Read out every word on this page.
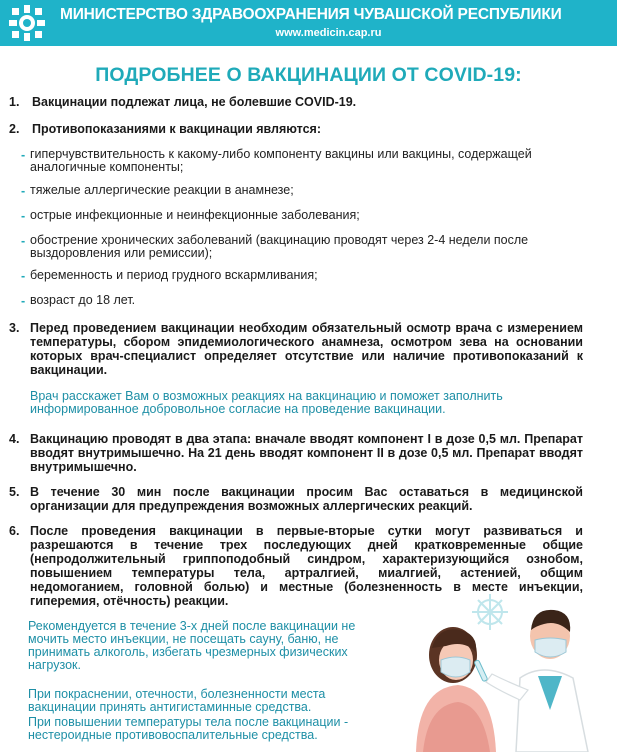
МИНИСТЕРСТВО ЗДРАВООХРАНЕНИЯ ЧУВАШСКОЙ РЕСПУБЛИКИ
www.medicin.cap.ru
ПОДРОБНЕЕ О ВАКЦИНАЦИИ ОТ COVID-19:
1. Вакцинации подлежат лица, не болевшие COVID-19.
2. Противопоказаниями к вакцинации являются:
- гиперчувствительность к какому-либо компоненту вакцины или вакцины, содержащей аналогичные компоненты;
- тяжелые аллергические реакции в анамнезе;
- острые инфекционные и неинфекционные заболевания;
- обострение хронических заболеваний (вакцинацию проводят через 2-4 недели после выздоровления или ремиссии);
- беременность и период грудного вскармливания;
- возраст до 18 лет.
3. Перед проведением вакцинации необходим обязательный осмотр врача с измерением температуры, сбором эпидемиологического анамнеза, осмотром зева на основании которых врач-специалист определяет отсутствие или наличие противопоказаний к вакцинации.
Врач расскажет Вам о возможных реакциях на вакцинацию и поможет заполнить информированное добровольное согласие на проведение вакцинации.
4. Вакцинацию проводят в два этапа: вначале вводят компонент I в дозе 0,5 мл. Препарат вводят внутримышечно. На 21 день вводят компонент II в дозе 0,5 мл. Препарат вводят внутримышечно.
5. В течение 30 мин после вакцинации просим Вас оставаться в медицинской организации для предупреждения возможных аллергических реакций.
6. После проведения вакцинации в первые-вторые сутки могут развиваться и разрешаются в течение трех последующих дней кратковременные общие (непродолжительный гриппоподобный синдром, характеризующийся ознобом, повышением температуры тела, артралгией, миалгией, астенией, общим недомоганием, головной болью) и местные (болезненность в месте инъекции, гиперемия, отёчность) реакции.
Рекомендуется в течение 3-х дней после вакцинации не мочить место инъекции, не посещать сауну, баню, не принимать алкоголь, избегать чрезмерных физических нагрузок.
При покраснении, отечности, болезненности места вакцинации принять антигистаминные средства.
При повышении температуры тела после вакцинации - нестероидные противовоспалительные средства.
